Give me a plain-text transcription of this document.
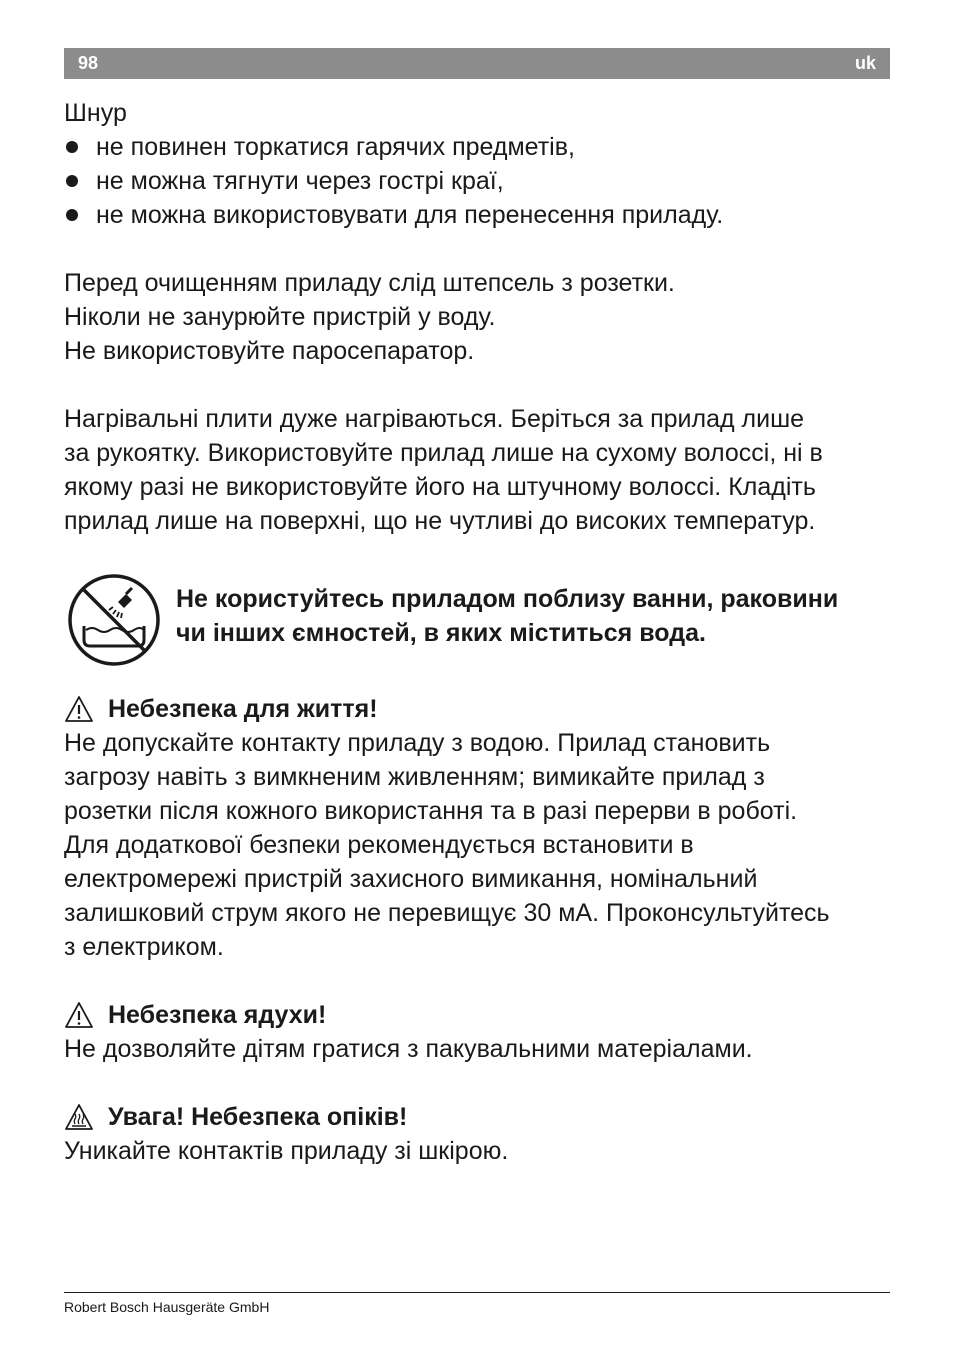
98	uk

Шнур

не повинен торкатися гарячих предметів,
не можна тягнути через гострі краї,
не можна використовувати для перенесення приладу.

Перед очищенням приладу слід штепсель з розетки.

Ніколи не занурюйте пристрій у воду.

Не використовуйте паросепаратор.

Нагрівальні плити дуже нагріваються. Беріться за прилад лише

за рукоятку. Використовуйте прилад лише на сухому волоссі, ні в

якому разі не використовуйте його на штучному волоссі. Кладіть

прилад лише на поверхні, що не чутливі до високих температур.

Не користуйтесь приладом поблизу ванни, раковини

чи інших ємностей, в яких міститься вода.

Небезпека для життя!

Не допускайте контакту приладу з водою. Прилад становить

загрозу навіть з вимкненим живленням; вимикайте прилад з

розетки після кожного використання та в разі перерви в роботі.

Для додаткової безпеки рекомендується встановити в

електромережі пристрій захисного вимикання, номінальний

залишковий струм якого не перевищує 30 мА. Проконсультуйтесь

з електриком.

Небезпека ядухи!

Не дозволяйте дітям гратися з пакувальними матеріалами.

Увага! Небезпека опіків!

Уникайте контактів приладу зі шкірою.

Robert Bosch Hausgeräte GmbH
